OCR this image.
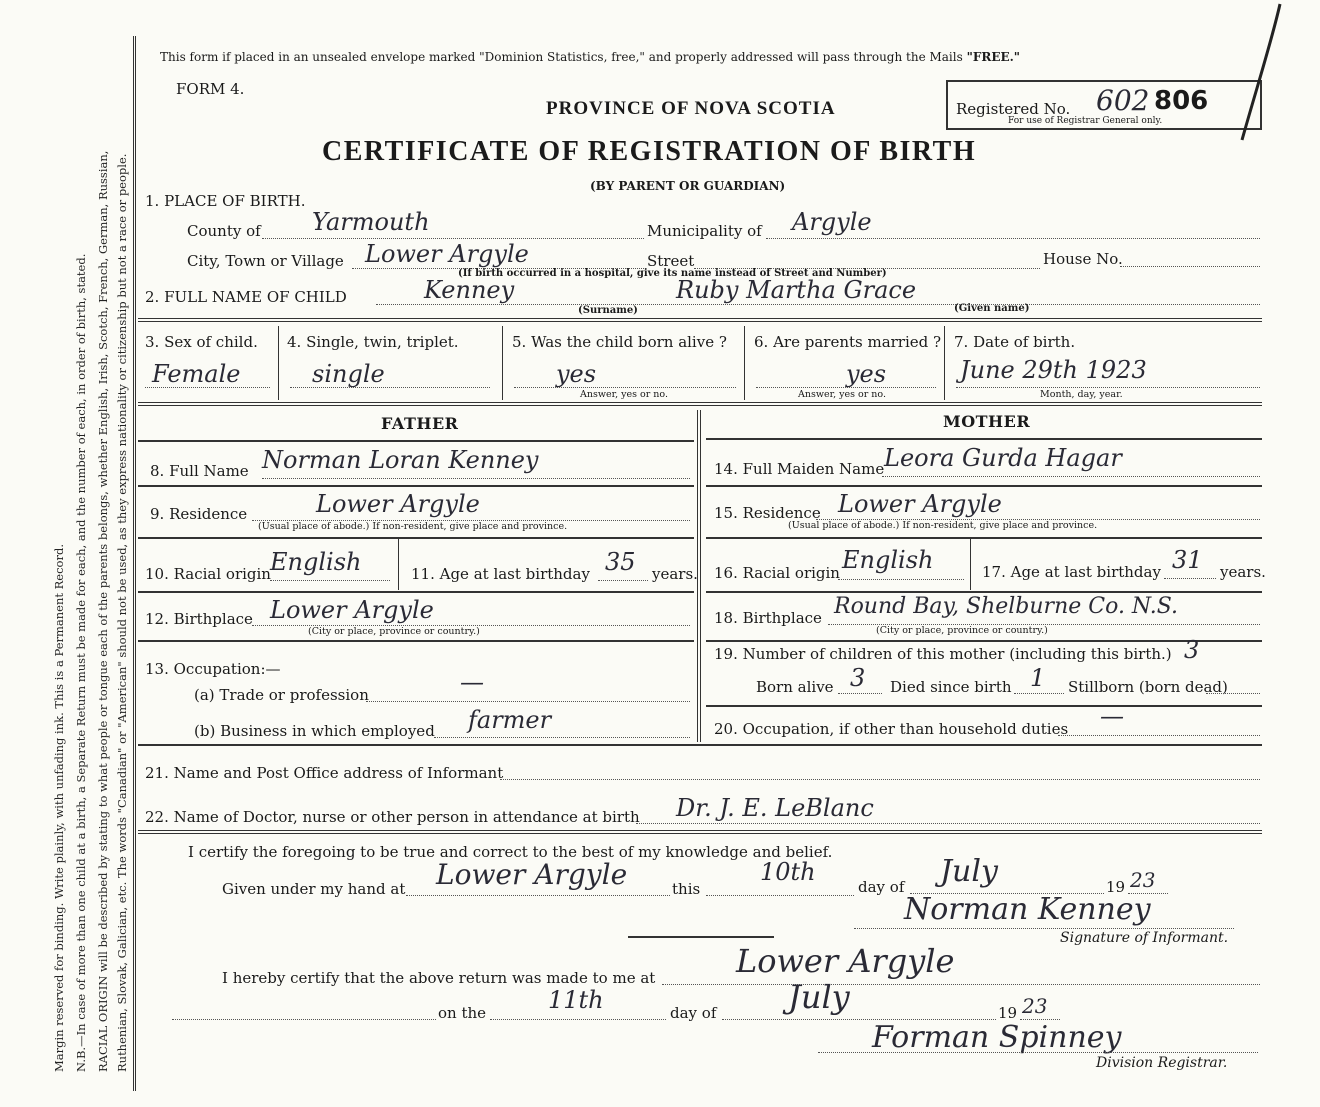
Margin reserved for binding. Write plainly, with unfading ink. This is a Permanent Record. N.B.—In case of more than one child at a birth, a Separate Return must be made for each, and the number of each, in order of birth, stated. RACIAL ORIGIN will be described by stating to what people or tongue each of the parents belongs, whether English, Irish, Scotch, French, German, Russian, Ruthenian, Slovak, Galician, etc. The words "Canadian" or "American" should not be used, as they express nationality or citizenship but not a race or people.
This form if placed in an unsealed envelope marked "Dominion Statistics, free," and properly addressed will pass through the Mails "FREE."
FORM 4.
PROVINCE OF NOVA SCOTIA	Registered No. 602 806
For use of Registrar General only.
CERTIFICATE OF REGISTRATION OF BIRTH
(BY PARENT OR GUARDIAN)
1. PLACE OF BIRTH.
County of Yarmouth	Municipality of Argyle
City, Town or Village Lower Argyle	Street	House No.
(If birth occurred in a hospital, give its name instead of Street and Number)
2. FULL NAME OF CHILD	Kenney	Ruby Martha Grace
(Surname)	(Given name)
3. Sex of child.
Female
4. Single, twin, triplet.
single
5. Was the child born alive ?
yes
Answer, yes or no.
6. Are parents married ?
yes
Answer, yes or no.
7. Date of birth.
June 29th 1923
Month, day, year.
FATHER	MOTHER
8. Full Name Norman Loran Kenney
9. Residence	Lower Argyle
(Usual place of abode.) If non-resident, give place and province.
10. Racial origin English	11. Age at last birthday 35 years.
12. Birthplace Lower Argyle
(City or place, province or country.)
13. Occupation:—
(a) Trade or profession	—
(b) Business in which employed farmer
14. Full Maiden Name Leora Gurda Hagar
15. Residence Lower Argyle
(Usual place of abode.) If non-resident, give place and province.
16. Racial origin English	17. Age at last birthday 31 years.
18. Birthplace Round Bay, Shelburne Co. N.S.
(City or place, province or country.)
19. Number of children of this mother (including this birth.) 3
Born alive 3 Died since birth 1 Stillborn (born dead)
20. Occupation, if other than household duties —
21. Name and Post Office address of Informant
22. Name of Doctor, nurse or other person in attendance at birth Dr. J. E. LeBlanc
I certify the foregoing to be true and correct to the best of my knowledge and belief.
Given under my hand at Lower Argyle	this
10th
day of July	19 23
Norman Kenney
Signature of Informant.
I hereby certify that the above return was made to me at	Lower Argyle
on the	11th	day of July	19 23
Forman Spinney
Division Registrar.
